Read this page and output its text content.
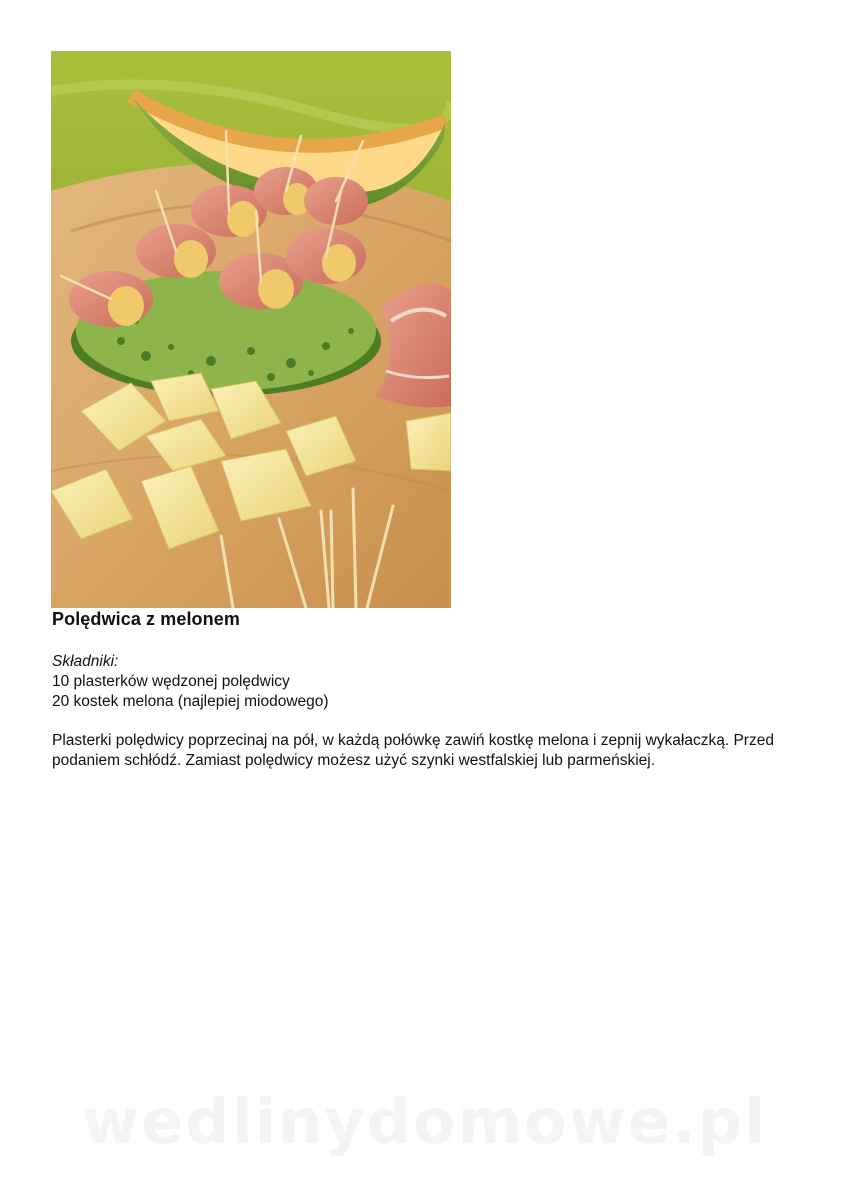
Polędwica z melonem
Składniki:
10 plasterków wędzonej polędwicy
20 kostek melona (najlepiej miodowego)
Plasterki polędwicy poprzecinaj na pół, w każdą połówkę zawiń kostkę melona i zepnij wykałaczką. Przed podaniem schłódź. Zamiast polędwicy możesz użyć szynki westfalskiej lub parmeńskiej.
wedlinydomowe.pl
